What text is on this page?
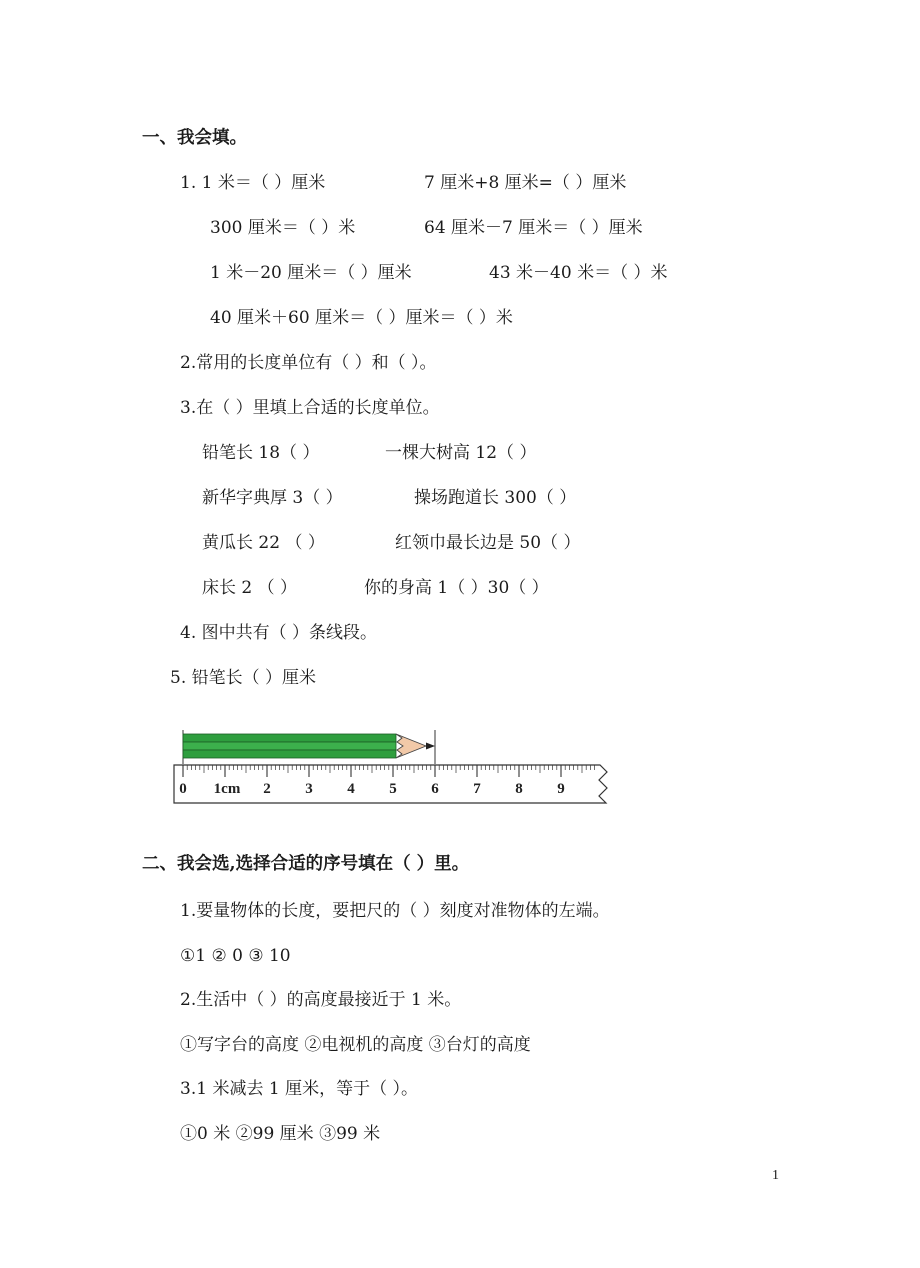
一、我会填。
1. 1 米＝（ ）厘米	7 厘米+8 厘米=（ ）厘米
300 厘米＝（ ）米	64 厘米－7 厘米＝（ ）厘米
1 米－20 厘米＝（ ）厘米	43 米－40 米＝（ ）米
40 厘米＋60 厘米＝（ ）厘米＝（ ）米
2.常用的长度单位有（ ）和（ ）。
3.在（ ）里填上合适的长度单位。
铅笔长 18（ ）	一棵大树高 12（ ）
新华字典厚 3（ ）	操场跑道长 300（ ）
黄瓜长 22 （ ）	红领巾最长边是 50（ ）
床长 2 （ ）	你的身高 1（ ）30（ ）
4. 图中共有（ ）条线段。
5. 铅笔长（ ）厘米
0 1cm 2 3 4 5 6 7 8 9
二、我会选,选择合适的序号填在（ ）里。
1.要量物体的长度，要把尺的（ ）刻度对准物体的左端。
①1 ② 0 ③ 10
2.生活中（ ）的高度最接近于 1 米。
①写字台的高度 ②电视机的高度 ③台灯的高度
3.1 米减去 1 厘米，等于（ ）。
①0 米 ②99 厘米 ③99 米
1
